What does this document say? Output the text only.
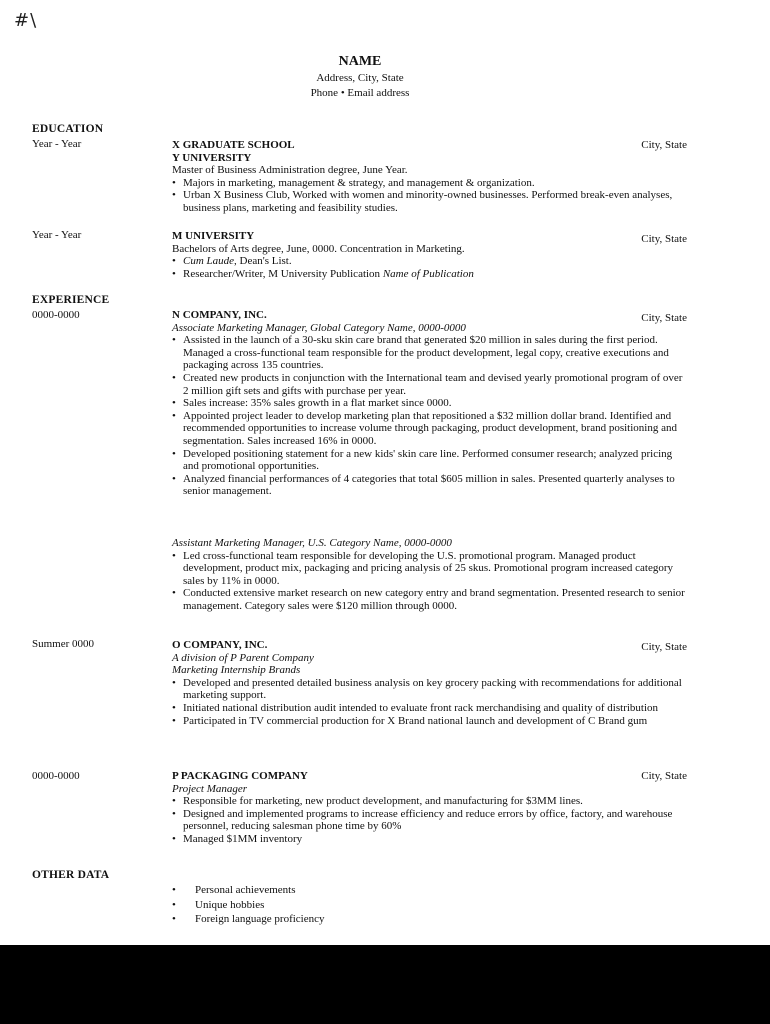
#\
NAME
Address, City, State
Phone • Email address
EDUCATION
Year - Year	X GRADUATE SCHOOL	City, State
Y UNIVERSITY
Master of Business Administration degree, June Year.
• Majors in marketing, management & strategy, and management & organization.
• Urban X Business Club, Worked with women and minority-owned businesses. Performed break-even analyses, business plans, marketing and feasibility studies.
Year - Year	M UNIVERSITY	City, State
Bachelors of Arts degree, June, 0000. Concentration in Marketing.
• Cum Laude, Dean's List.
• Researcher/Writer, M University Publication Name of Publication
EXPERIENCE
0000-0000	N COMPANY, INC.	City, State
Associate Marketing Manager, Global Category Name, 0000-0000
• Assisted in the launch of a 30-sku skin care brand that generated $20 million in sales during the first period. Managed a cross-functional team responsible for the product development, legal copy, creative executions and packaging across 135 countries.
• Created new products in conjunction with the International team and devised yearly promotional program of over 2 million gift sets and gifts with purchase per year.
• Sales increase: 35% sales growth in a flat market since 0000.
• Appointed project leader to develop marketing plan that repositioned a $32 million dollar brand. Identified and recommended opportunities to increase volume through packaging, product development, brand positioning and segmentation. Sales increased 16% in 0000.
• Developed positioning statement for a new kids' skin care line. Performed consumer research; analyzed pricing and promotional opportunities.
• Analyzed financial performances of 4 categories that total $605 million in sales. Presented quarterly analyses to senior management.
Assistant Marketing Manager, U.S. Category Name, 0000-0000
• Led cross-functional team responsible for developing the U.S. promotional program. Managed product development, product mix, packaging and pricing analysis of 25 skus. Promotional program increased category sales by 11% in 0000.
• Conducted extensive market research on new category entry and brand segmentation. Presented research to senior management. Category sales were $120 million through 0000.
Summer 0000	O COMPANY, INC.	City, State
A division of P Parent Company
Marketing Internship Brands
• Developed and presented detailed business analysis on key grocery packing with recommendations for additional marketing support.
• Initiated national distribution audit intended to evaluate front rack merchandising and quality of distribution
• Participated in TV commercial production for X Brand national launch and development of C Brand gum
0000-0000	P PACKAGING COMPANY	City, State
Project Manager
• Responsible for marketing, new product development, and manufacturing for $3MM lines.
• Designed and implemented programs to increase efficiency and reduce errors by office, factory, and warehouse personnel, reducing salesman phone time by 60%
• Managed $1MM inventory
OTHER DATA
• Personal achievements
• Unique hobbies
• Foreign language proficiency
